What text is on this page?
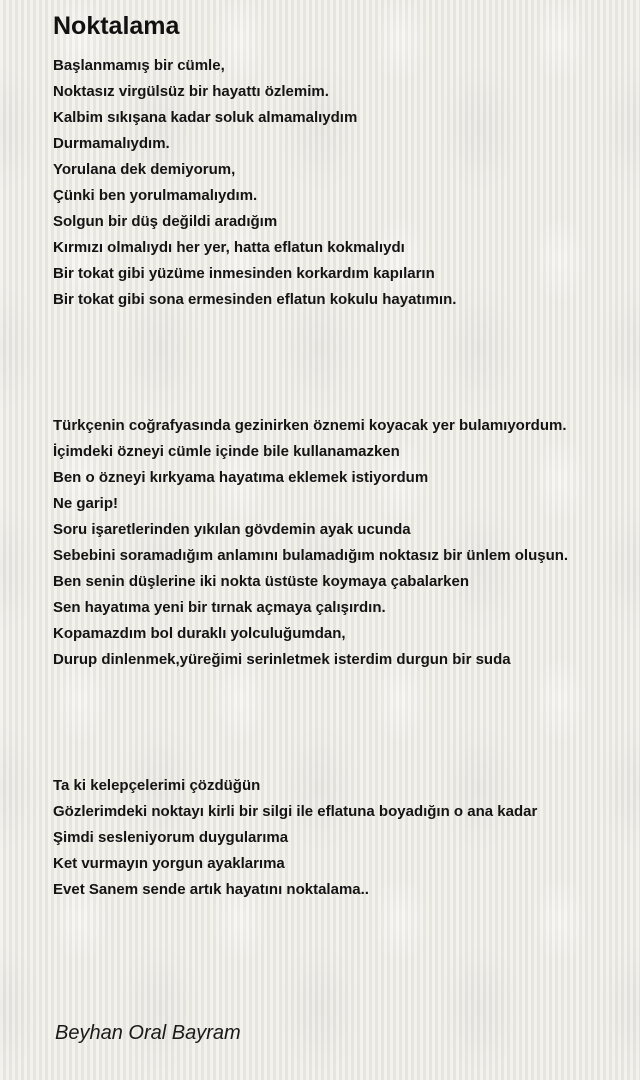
Noktalama
Başlanmamış bir cümle,
Noktasız virgülsüz bir hayattı özlemim.
Kalbim sıkışana kadar soluk almamalıydım
Durmamalıydım.
Yorulana dek demiyorum,
Çünki ben yorulmamalıydım.
Solgun bir düş değildi aradığım
Kırmızı olmalıydı her yer, hatta eflatun kokmalıydı
Bir tokat gibi yüzüme inmesinden korkardım kapıların
Bir tokat gibi sona ermesinden eflatun kokulu hayatımın.
Türkçenin coğrafyasında gezinirken öznemi koyacak yer bulamıyordum.
İçimdeki özneyi cümle içinde bile kullanamazken
Ben o özneyi kırkyama hayatıma eklemek istiyordum
Ne garip!
Soru işaretlerinden yıkılan gövdemin ayak ucunda
Sebebini soramadığım anlamını bulamadığım noktasız bir ünlem oluşun.
Ben senin düşlerine iki nokta üstüste koymaya çabalarken
Sen hayatıma yeni bir tırnak açmaya çalışırdın.
Kopamazdım bol duraklı yolculuğumdan,
Durup dinlenmek,yüreğimi serinletmek isterdim durgun bir suda
Ta ki kelepçelerimi çözdüğün
Gözlerimdeki noktayı kirli bir silgi ile eflatuna boyadığın o ana kadar
Şimdi sesleniyorum duygularıma
Ket vurmayın yorgun ayaklarıma
Evet Sanem sende artık hayatını noktalama..
Beyhan Oral Bayram
